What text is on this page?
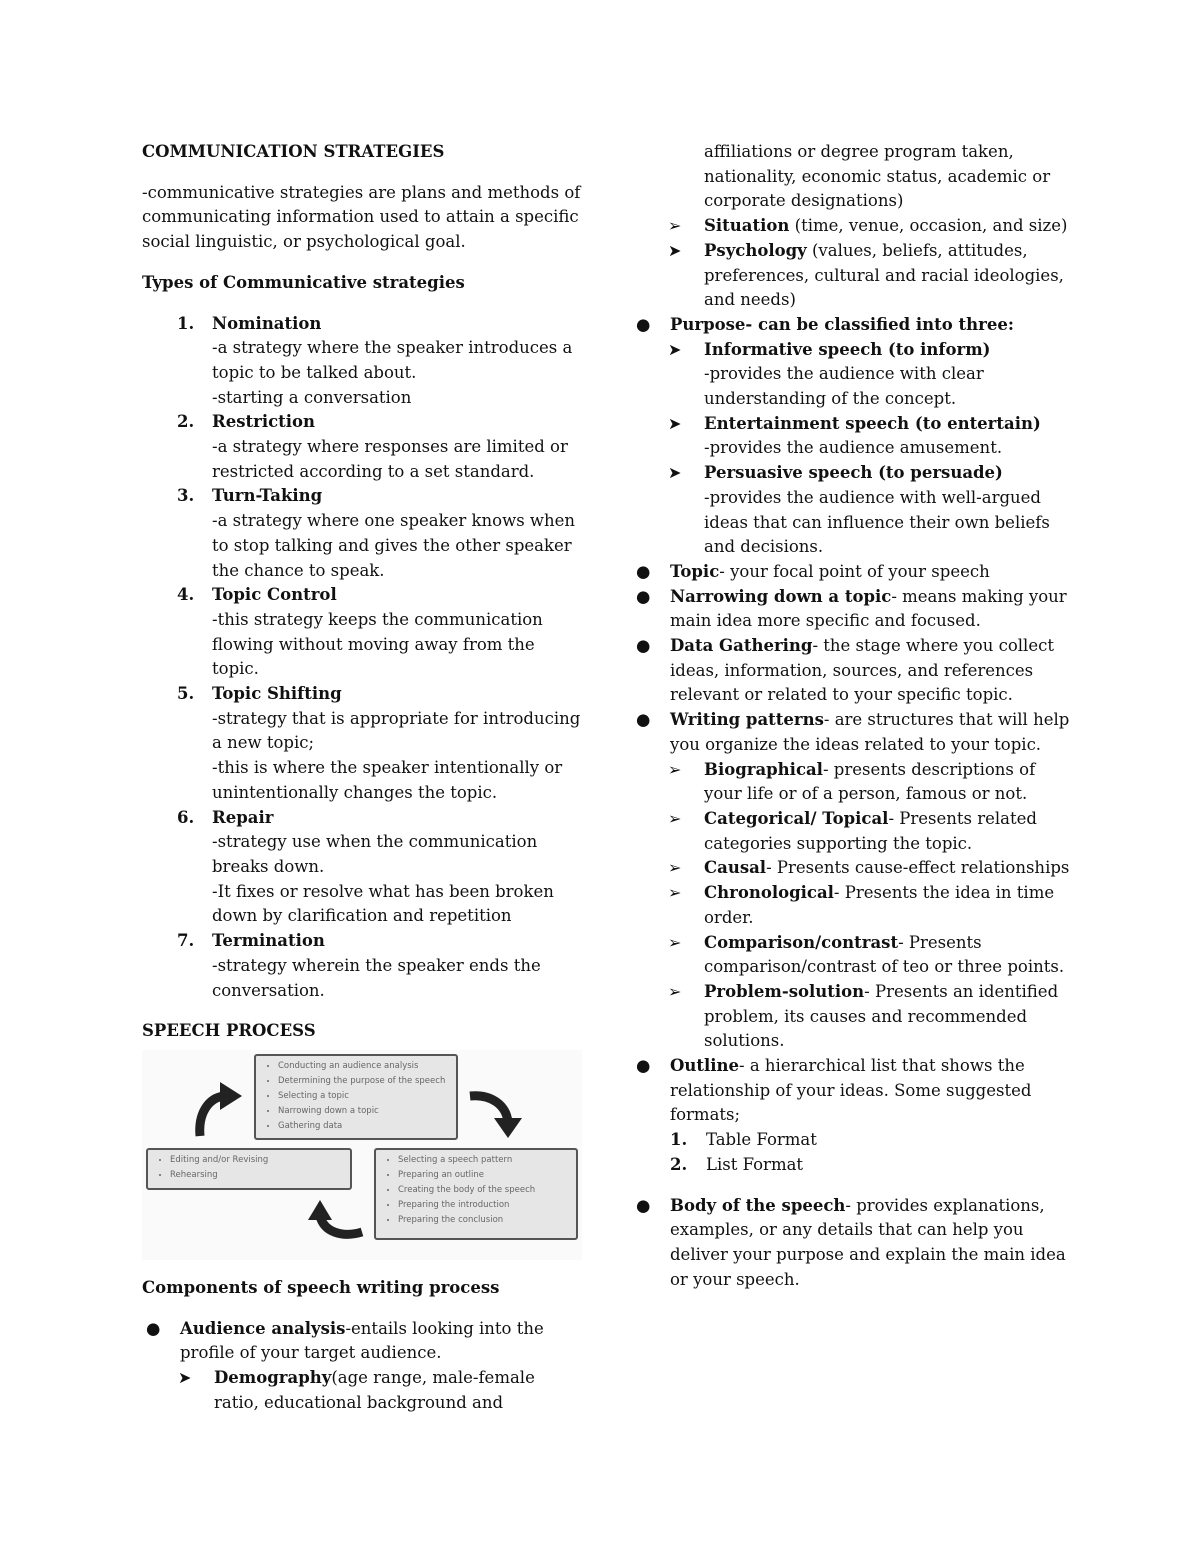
COMMUNICATION STRATEGIES

-communicative strategies are plans and methods of communicating information used to attain a specific social linguistic, or psychological goal.

Types of Communicative strategies

1.	Nomination
-a strategy where the speaker introduces a topic to be talked about.
-starting a conversation
2.	Restriction
-a strategy where responses are limited or restricted according to a set standard.
3.	Turn-Taking
-a strategy where one speaker knows when to stop talking and gives the other speaker the chance to speak.
4.	Topic Control
-this strategy keeps the communication flowing without moving away from the topic.
5.	Topic Shifting
-strategy that is appropriate for introducing a new topic;
-this is where the speaker intentionally or unintentionally changes the topic.
6.	Repair
-strategy use when the communication breaks down.
-It fixes or resolve what has been broken down by clarification and repetition
7.	Termination
-strategy wherein the speaker ends the conversation.

SPEECH PROCESS

• Conducting an audience analysis
• Determining the purpose of the speech
• Selecting a topic
• Narrowing down a topic
• Gathering data
• Editing and/or Revising
• Rehearsing
• Selecting a speech pattern
• Preparing an outline
• Creating the body of the speech
• Preparing the introduction
• Preparing the conclusion

Components of speech writing process

● Audience analysis-entails looking into the profile of your target audience.
➤ Demography(age range, male-female ratio, educational background and
affiliations or degree program taken, nationality, economic status, academic or corporate designations)
➢ Situation (time, venue, occasion, and size)
➤ Psychology (values, beliefs, attitudes, preferences, cultural and racial ideologies, and needs)
● Purpose- can be classified into three:
➤ Informative speech (to inform)
-provides the audience with clear understanding of the concept.
➤ Entertainment speech (to entertain)
-provides the audience amusement.
➤ Persuasive speech (to persuade)
-provides the audience with well-argued ideas that can influence their own beliefs and decisions.
● Topic- your focal point of your speech
● Narrowing down a topic- means making your main idea more specific and focused.
● Data Gathering- the stage where you collect ideas, information, sources, and references relevant or related to your specific topic.
● Writing patterns- are structures that will help you organize the ideas related to your topic.
➢ Biographical- presents descriptions of your life or of a person, famous or not.
➢ Categorical/ Topical- Presents related categories supporting the topic.
➢ Causal- Presents cause-effect relationships
➢ Chronological- Presents the idea in time order.
➢ Comparison/contrast- Presents comparison/contrast of teo or three points.
➢ Problem-solution- Presents an identified problem, its causes and recommended solutions.
● Outline- a hierarchical list that shows the relationship of your ideas. Some suggested formats;
1.	Table Format
2.	List Format
● Body of the speech- provides explanations, examples, or any details that can help you deliver your purpose and explain the main idea or your speech.
